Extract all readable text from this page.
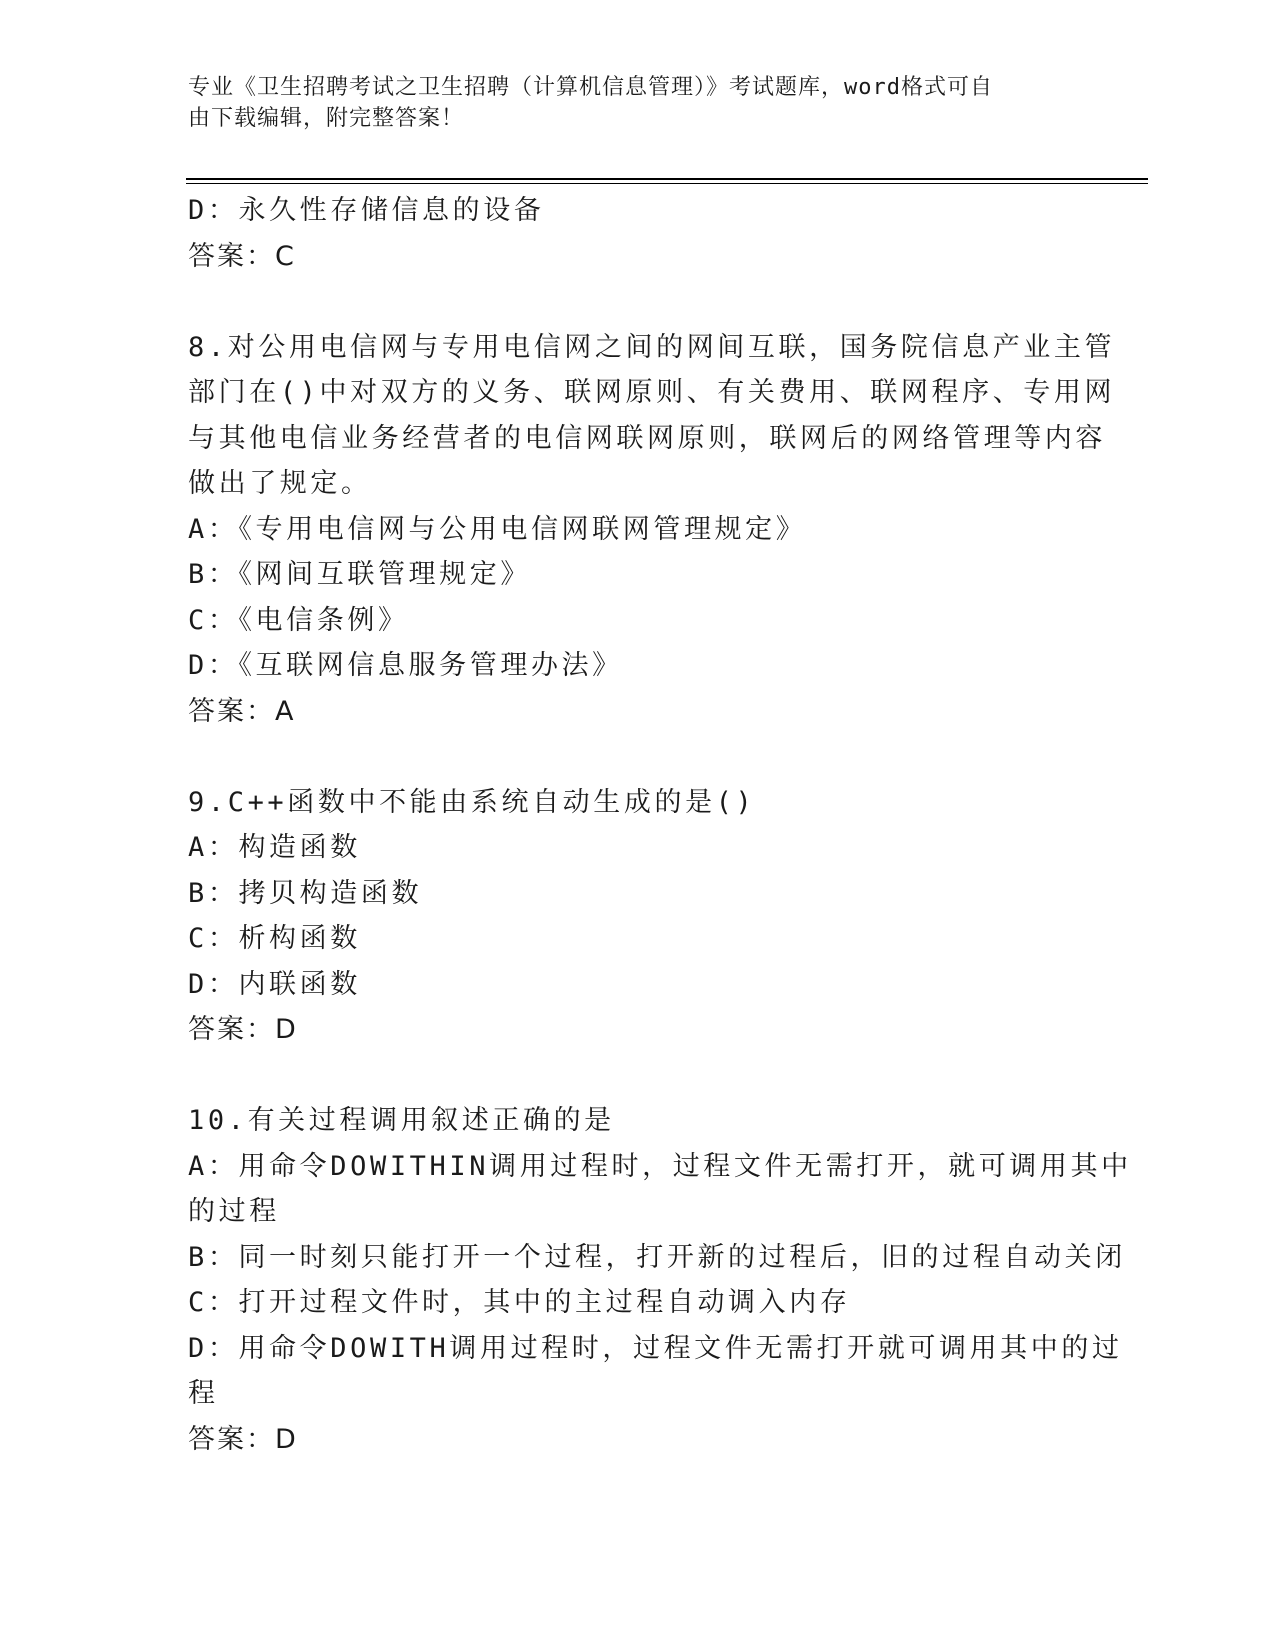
专业《卫生招聘考试之卫生招聘（计算机信息管理）》考试题库，word格式可自
由下载编辑，附完整答案！
D：永久性存储信息的设备
答案：C
8.对公用电信网与专用电信网之间的网间互联，国务院信息产业主管
部门在()中对双方的义务、联网原则、有关费用、联网程序、专用网
与其他电信业务经营者的电信网联网原则，联网后的网络管理等内容
做出了规定。
A：《专用电信网与公用电信网联网管理规定》
B：《网间互联管理规定》
C：《电信条例》
D：《互联网信息服务管理办法》
答案：A
9.C++函数中不能由系统自动生成的是()
A：构造函数
B：拷贝构造函数
C：析构函数
D：内联函数
答案：D
10.有关过程调用叙述正确的是
A：用命令DOWITHIN调用过程时，过程文件无需打开，就可调用其中
的过程
B：同一时刻只能打开一个过程，打开新的过程后，旧的过程自动关闭
C：打开过程文件时，其中的主过程自动调入内存
D：用命令DOWITH调用过程时，过程文件无需打开就可调用其中的过
程
答案：D
